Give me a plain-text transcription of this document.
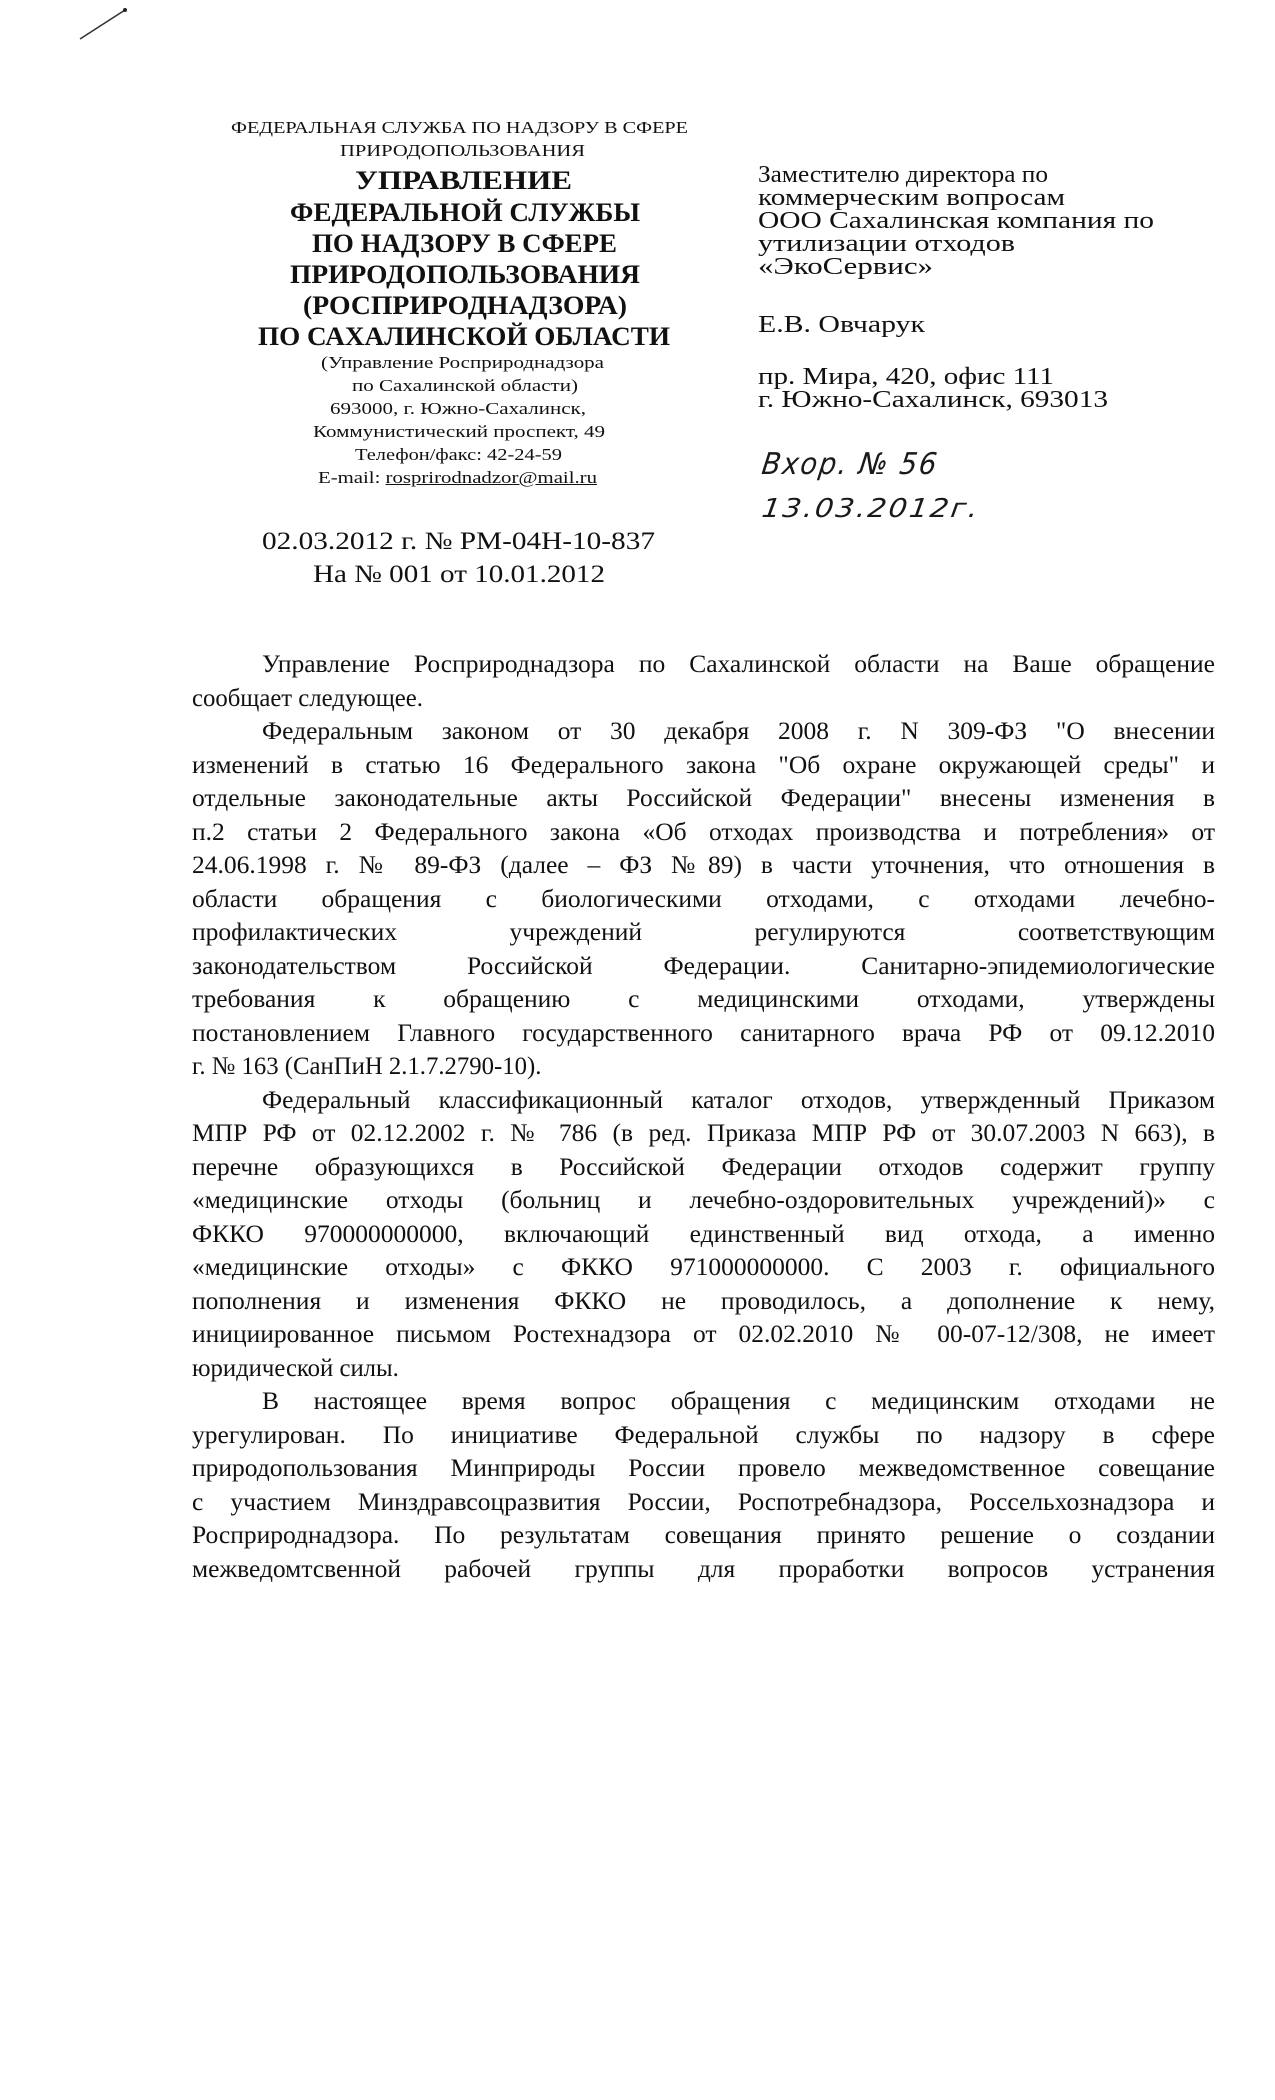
ФЕДЕРАЛЬНАЯ СЛУЖБА ПО НАДЗОРУ В СФЕРЕ
ПРИРОДОПОЛЬЗОВАНИЯ
УПРАВЛЕНИЕ
ФЕДЕРАЛЬНОЙ СЛУЖБЫ
ПО НАДЗОРУ В СФЕРЕ
ПРИРОДОПОЛЬЗОВАНИЯ
(РОСПРИРОДНАДЗОРА)
ПО САХАЛИНСКОЙ ОБЛАСТИ
(Управление Росприроднадзора
по Сахалинской области)
693000, г. Южно-Сахалинск,
Коммунистический проспект, 49
Телефон/факс: 42-24-59
E-mail: rosprirodnadzor@mail.ru
02.03.2012 г. № РМ-04Н-10-837
На № 001 от 10.01.2012
Заместителю директора по
коммерческим вопросам
ООО Сахалинская компания по
утилизации отходов
«ЭкоСервис»
Е.В. Овчарук
пр. Мира, 420, офис 111
г. Южно-Сахалинск, 693013
Вхор. № 56
13.03.2012г.
Управление Росприроднадзора по Сахалинской области на Ваше обращение
сообщает следующее.
Федеральным законом от 30 декабря 2008 г. N 309-ФЗ "О внесении
изменений в статью 16 Федерального закона "Об охране окружающей среды" и
отдельные законодательные акты Российской Федерации" внесены изменения в
п.2 статьи 2 Федерального закона «Об отходах производства и потребления» от
24.06.1998 г. № 89-ФЗ (далее – ФЗ №89) в части уточнения, что отношения в
области обращения с биологическими отходами, с отходами лечебно-
профилактических учреждений регулируются соответствующим
законодательством Российской Федерации. Санитарно-эпидемиологические
требования к обращению с медицинскими отходами, утверждены
постановлением Главного государственного санитарного врача РФ от 09.12.2010
г. № 163 (СанПиН 2.1.7.2790-10).
Федеральный классификационный каталог отходов, утвержденный Приказом
МПР РФ от 02.12.2002 г. № 786 (в ред. Приказа МПР РФ от 30.07.2003 N 663), в
перечне образующихся в Российской Федерации отходов содержит группу
«медицинские отходы (больниц и лечебно-оздоровительных учреждений)» с
ФККО 970000000000, включающий единственный вид отхода, а именно
«медицинские отходы» с ФККО 971000000000. С 2003 г. официального
пополнения и изменения ФККО не проводилось, а дополнение к нему,
инициированное письмом Ростехнадзора от 02.02.2010 № 00-07-12/308, не имеет
юридической силы.
В настоящее время вопрос обращения с медицинским отходами не
урегулирован. По инициативе Федеральной службы по надзору в сфере
природопользования Минприроды России провело межведомственное совещание
с участием Минздравсоцразвития России, Роспотребнадзора, Россельхознадзора и
Росприроднадзора. По результатам совещания принято решение о создании
межведомтсвенной рабочей группы для проработки вопросов устранения
